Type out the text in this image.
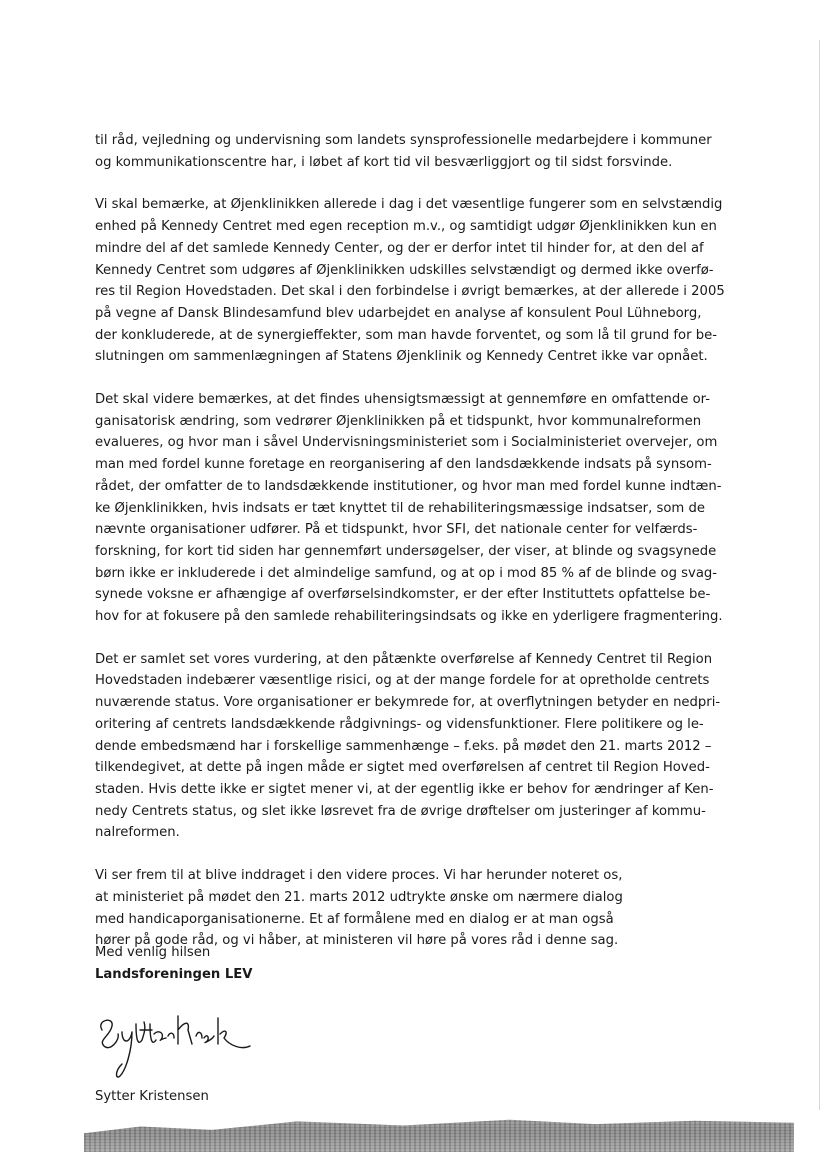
til råd, vejledning og undervisning som landets synsprofessionelle medarbejdere i kommuner
og kommunikationscentre har, i løbet af kort tid vil besværliggjort og til sidst forsvinde.
Vi skal bemærke, at Øjenklinikken allerede i dag i det væsentlige fungerer som en selvstændig
enhed på Kennedy Centret med egen reception m.v., og samtidigt udgør Øjenklinikken kun en
mindre del af det samlede Kennedy Center, og der er derfor intet til hinder for, at den del af
Kennedy Centret som udgøres af Øjenklinikken udskilles selvstændigt og dermed ikke overfø-
res til Region Hovedstaden. Det skal i den forbindelse i øvrigt bemærkes, at der allerede i 2005
på vegne af Dansk Blindesamfund blev udarbejdet en analyse af konsulent Poul Lühneborg,
der konkluderede, at de synergieffekter, som man havde forventet, og som lå til grund for be-
slutningen om sammenlægningen af Statens Øjenklinik og Kennedy Centret ikke var opnået.
Det skal videre bemærkes, at det findes uhensigtsmæssigt at gennemføre en omfattende or-
ganisatorisk ændring, som vedrører Øjenklinikken på et tidspunkt, hvor kommunalreformen
evalueres, og hvor man i såvel Undervisningsministeriet som i Socialministeriet overvejer, om
man med fordel kunne foretage en reorganisering af den landsdækkende indsats på synsom-
rådet, der omfatter de to landsdækkende institutioner, og hvor man med fordel kunne indtæn-
ke Øjenklinikken, hvis indsats er tæt knyttet til de rehabiliteringsmæssige indsatser, som de
nævnte organisationer udfører. På et tidspunkt, hvor SFI, det nationale center for velfærds-
forskning, for kort tid siden har gennemført undersøgelser, der viser, at blinde og svagsynede
børn ikke er inkluderede i det almindelige samfund, og at op i mod 85 % af de blinde og svag-
synede voksne er afhængige af overførselsindkomster, er der efter Instituttets opfattelse be-
hov for at fokusere på den samlede rehabiliteringsindsats og ikke en yderligere fragmentering.
Det er samlet set vores vurdering, at den påtænkte overførelse af Kennedy Centret til Region
Hovedstaden indebærer væsentlige risici, og at der mange fordele for at opretholde centrets
nuværende status. Vore organisationer er bekymrede for, at overflytningen betyder en nedpri-
oritering af centrets landsdækkende rådgivnings- og vidensfunktioner. Flere politikere og le-
dende embedsmænd har i forskellige sammenhænge – f.eks. på mødet den 21. marts 2012 –
tilkendegivet, at dette på ingen måde er sigtet med overførelsen af centret til Region Hoved-
staden. Hvis dette ikke er sigtet mener vi, at der egentlig ikke er behov for ændringer af Ken-
nedy Centrets status, og slet ikke løsrevet fra de øvrige drøftelser om justeringer af kommu-
nalreformen.
Vi ser frem til at blive inddraget i den videre proces. Vi har herunder noteret os,
at ministeriet på mødet den 21. marts 2012 udtrykte ønske om nærmere dialog
med handicaporganisationerne. Et af formålene med en dialog er at man også
hører på gode råd, og vi håber, at ministeren vil høre på vores råd i denne sag.
Med venlig hilsen
Landsforeningen LEV
Sytter Kristensen
